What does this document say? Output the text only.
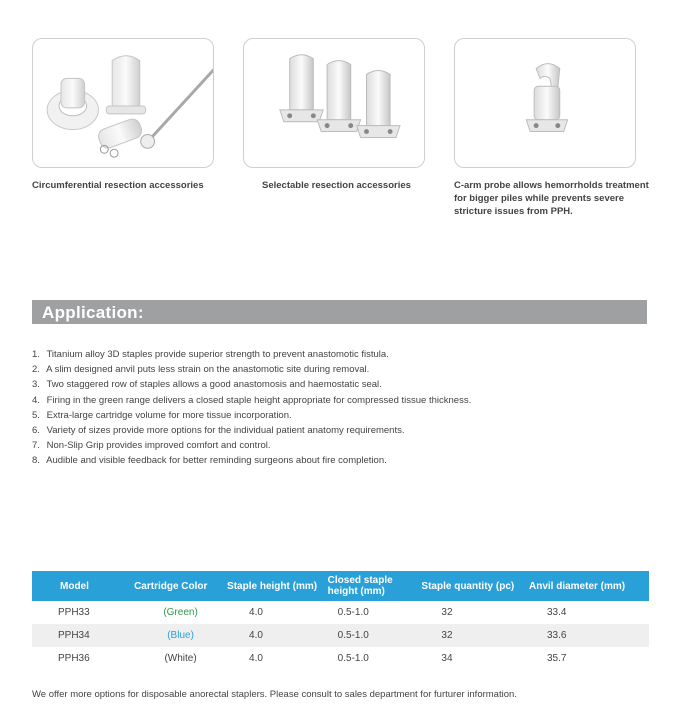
Circumferential resection accessories	Selectable resection accessories	C-arm probe allows hemorrholds treatment for bigger piles while prevents severe stricture issues from PPH.
Application:
1. Titanium alloy 3D staples provide superior strength to prevent anastomotic fistula.
2. A slim designed anvil puts less strain on the anastomotic site during removal.
3. Two staggered row of staples allows a good anastomosis and haemostatic seal.
4. Firing in the green range delivers a closed staple height appropriate for compressed tissue thickness.
5. Extra-large cartridge volume for more tissue incorporation.
6. Variety of sizes provide more options for the individual patient anatomy requirements.
7. Non-Slip Grip provides improved comfort and control.
8. Audible and visible feedback for better reminding surgeons about fire completion.
Model	Cartridge Color	Staple height (mm)	Closed staple height (mm)	Staple quantity (pc)	Anvil diameter (mm)
PPH33	(Green)	4.0	0.5-1.0	32	33.4
PPH34	(Blue)	4.0	0.5-1.0	32	33.6
PPH36	(White)	4.0	0.5-1.0	34	35.7
We offer more options for disposable anorectal staplers. Please consult to sales department for furturer information.
